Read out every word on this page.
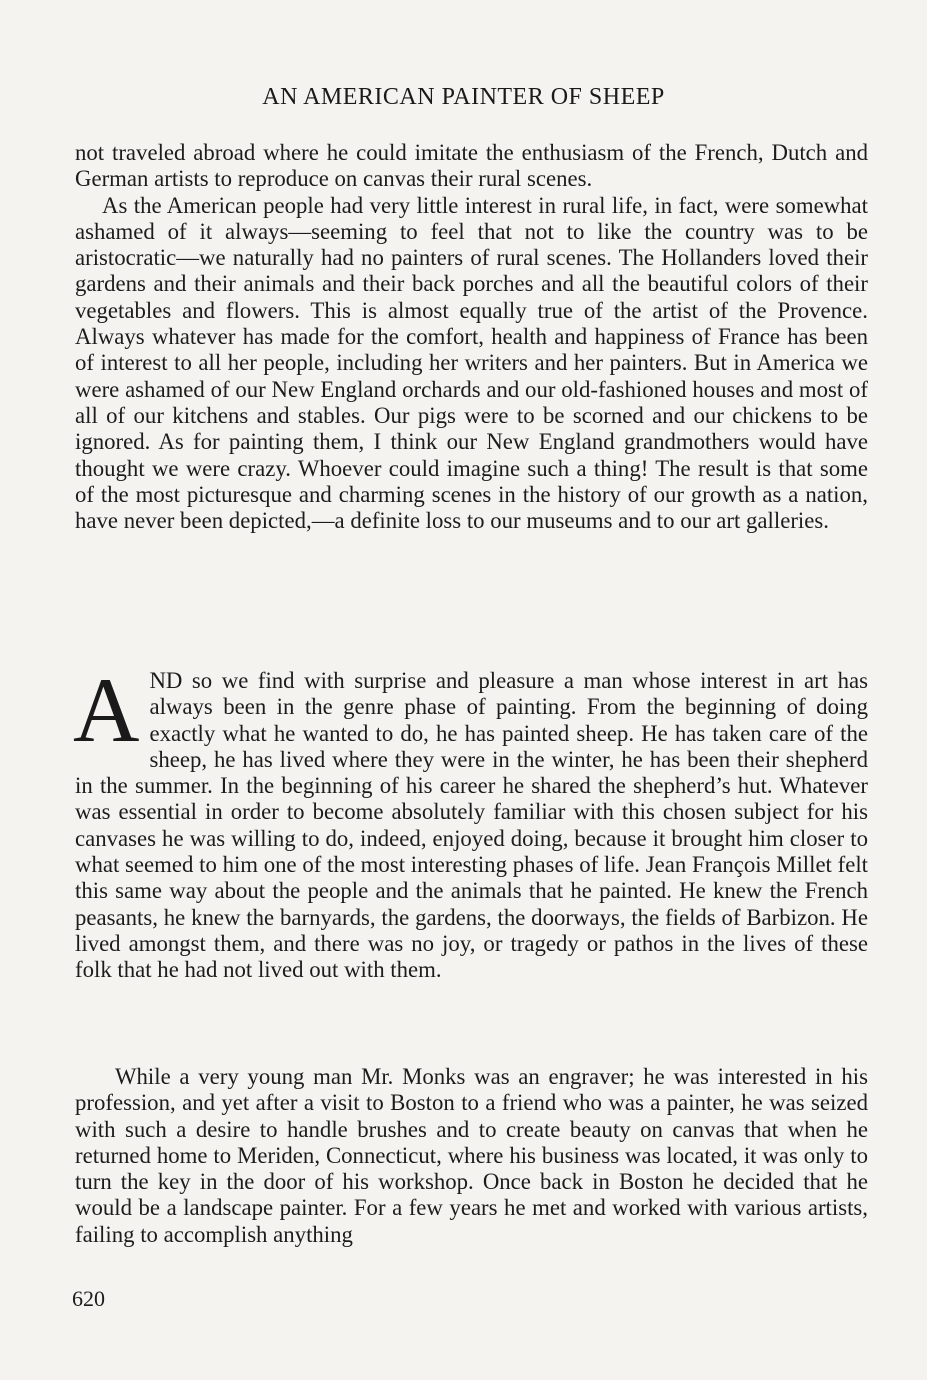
AN AMERICAN PAINTER OF SHEEP

not traveled abroad where he could imitate the enthusiasm of the French, Dutch and German artists to reproduce on canvas their rural scenes.

As the American people had very little interest in rural life, in fact, were somewhat ashamed of it always—seeming to feel that not to like the country was to be aristocratic—we naturally had no painters of rural scenes. The Hollanders loved their gardens and their animals and their back porches and all the beautiful colors of their vegetables and flowers. This is almost equally true of the artist of the Provence. Always whatever has made for the comfort, health and happiness of France has been of interest to all her people, including her writers and her painters. But in America we were ashamed of our New England orchards and our old-fashioned houses and most of all of our kitchens and stables. Our pigs were to be scorned and our chickens to be ignored. As for painting them, I think our New England grandmothers would have thought we were crazy. Whoever could imagine such a thing! The result is that some of the most picturesque and charming scenes in the history of our growth as a nation, have never been depicted,—a definite loss to our museums and to our art galleries.

A ND so we find with surprise and pleasure a man whose interest in art has always been in the genre phase of painting. From the beginning of doing exactly what he wanted to do, he has painted sheep. He has taken care of the sheep, he has lived where they were in the winter, he has been their shepherd in the summer. In the beginning of his career he shared the shepherd’s hut. Whatever was essential in order to become absolutely familiar with this chosen subject for his canvases he was willing to do, indeed, enjoyed doing, because it brought him closer to what seemed to him one of the most interesting phases of life. Jean François Millet felt this same way about the people and the animals that he painted. He knew the French peasants, he knew the barnyards, the gardens, the doorways, the fields of Barbizon. He lived amongst them, and there was no joy, or tragedy or pathos in the lives of these folk that he had not lived out with them.

While a very young man Mr. Monks was an engraver; he was interested in his profession, and yet after a visit to Boston to a friend who was a painter, he was seized with such a desire to handle brushes and to create beauty on canvas that when he returned home to Meriden, Connecticut, where his business was located, it was only to turn the key in the door of his workshop. Once back in Boston he decided that he would be a landscape painter. For a few years he met and worked with various artists, failing to accomplish anything

620
